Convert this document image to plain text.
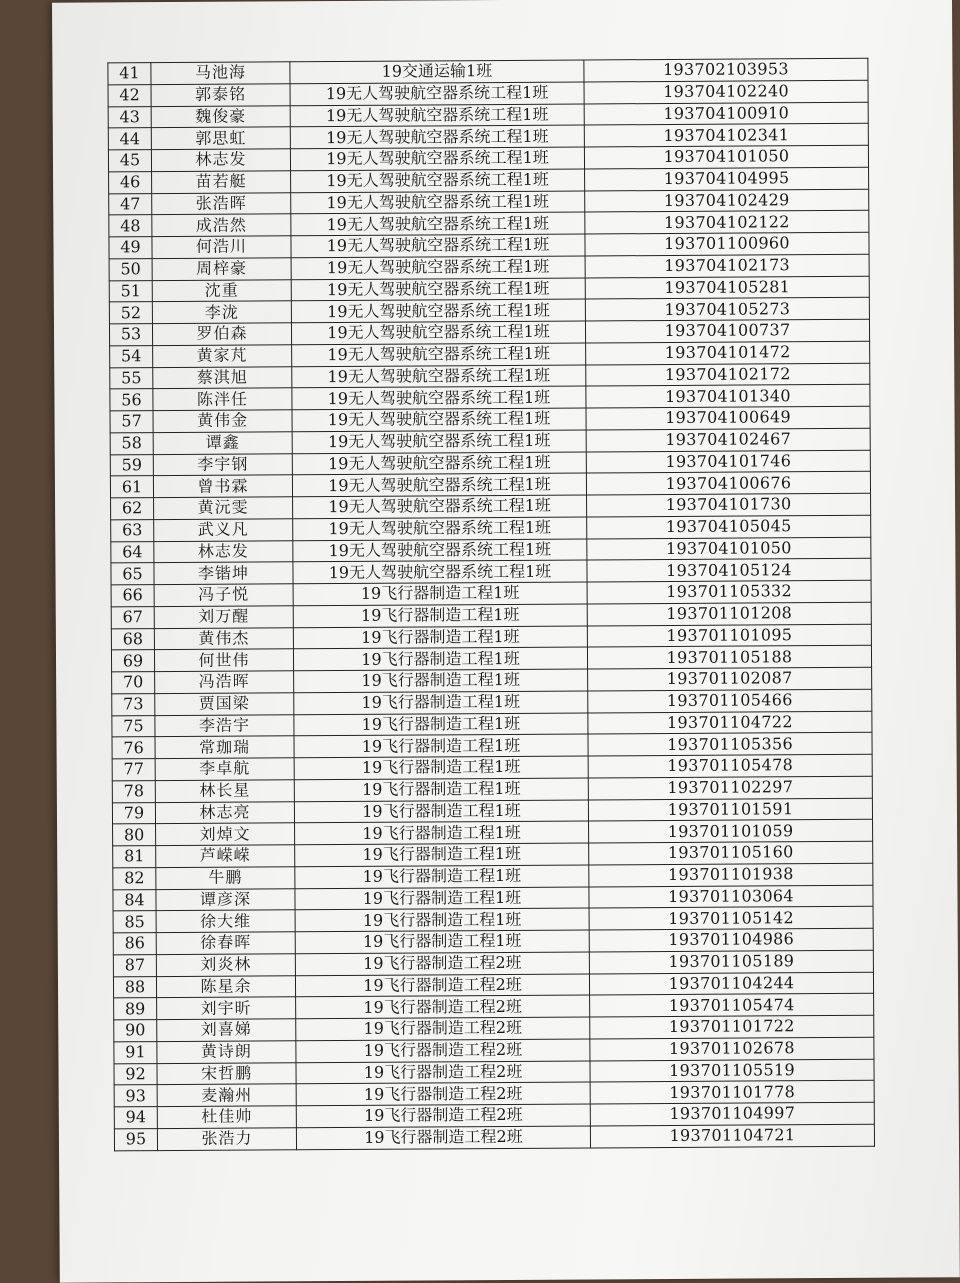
41	马池海	19交通运输1班	193702103953
42	郭泰铭	19无人驾驶航空器系统工程1班	193704102240
43	魏俊豪	19无人驾驶航空器系统工程1班	193704100910
44	郭思虹	19无人驾驶航空器系统工程1班	193704102341
45	林志发	19无人驾驶航空器系统工程1班	193704101050
46	苗若艇	19无人驾驶航空器系统工程1班	193704104995
47	张浩晖	19无人驾驶航空器系统工程1班	193704102429
48	成浩然	19无人驾驶航空器系统工程1班	193704102122
49	何浩川	19无人驾驶航空器系统工程1班	193701100960
50	周梓豪	19无人驾驶航空器系统工程1班	193704102173
51	沈重	19无人驾驶航空器系统工程1班	193704105281
52	李泷	19无人驾驶航空器系统工程1班	193704105273
53	罗伯森	19无人驾驶航空器系统工程1班	193704100737
54	黄家芃	19无人驾驶航空器系统工程1班	193704101472
55	蔡淇旭	19无人驾驶航空器系统工程1班	193704102172
56	陈泮任	19无人驾驶航空器系统工程1班	193704101340
57	黄伟金	19无人驾驶航空器系统工程1班	193704100649
58	谭鑫	19无人驾驶航空器系统工程1班	193704102467
59	李宇钢	19无人驾驶航空器系统工程1班	193704101746
61	曾书霖	19无人驾驶航空器系统工程1班	193704100676
62	黄沅雯	19无人驾驶航空器系统工程1班	193704101730
63	武义凡	19无人驾驶航空器系统工程1班	193704105045
64	林志发	19无人驾驶航空器系统工程1班	193704101050
65	李锴坤	19无人驾驶航空器系统工程1班	193704105124
66	冯子悦	19飞行器制造工程1班	193701105332
67	刘万醒	19飞行器制造工程1班	193701101208
68	黄伟杰	19飞行器制造工程1班	193701101095
69	何世伟	19飞行器制造工程1班	193701105188
70	冯浩晖	19飞行器制造工程1班	193701102087
73	贾国梁	19飞行器制造工程1班	193701105466
75	李浩宇	19飞行器制造工程1班	193701104722
76	常珈瑞	19飞行器制造工程1班	193701105356
77	李卓航	19飞行器制造工程1班	193701105478
78	林长星	19飞行器制造工程1班	193701102297
79	林志亮	19飞行器制造工程1班	193701101591
80	刘焯文	19飞行器制造工程1班	193701101059
81	芦嵘嵘	19飞行器制造工程1班	193701105160
82	牛鹏	19飞行器制造工程1班	193701101938
84	谭彦深	19飞行器制造工程1班	193701103064
85	徐大维	19飞行器制造工程1班	193701105142
86	徐春晖	19飞行器制造工程1班	193701104986
87	刘炎林	19飞行器制造工程2班	193701105189
88	陈星余	19飞行器制造工程2班	193701104244
89	刘宇昕	19飞行器制造工程2班	193701105474
90	刘喜娣	19飞行器制造工程2班	193701101722
91	黄诗朗	19飞行器制造工程2班	193701102678
92	宋哲鹏	19飞行器制造工程2班	193701105519
93	麦瀚州	19飞行器制造工程2班	193701101778
94	杜佳帅	19飞行器制造工程2班	193701104997
95	张浩力	19飞行器制造工程2班	193701104721
